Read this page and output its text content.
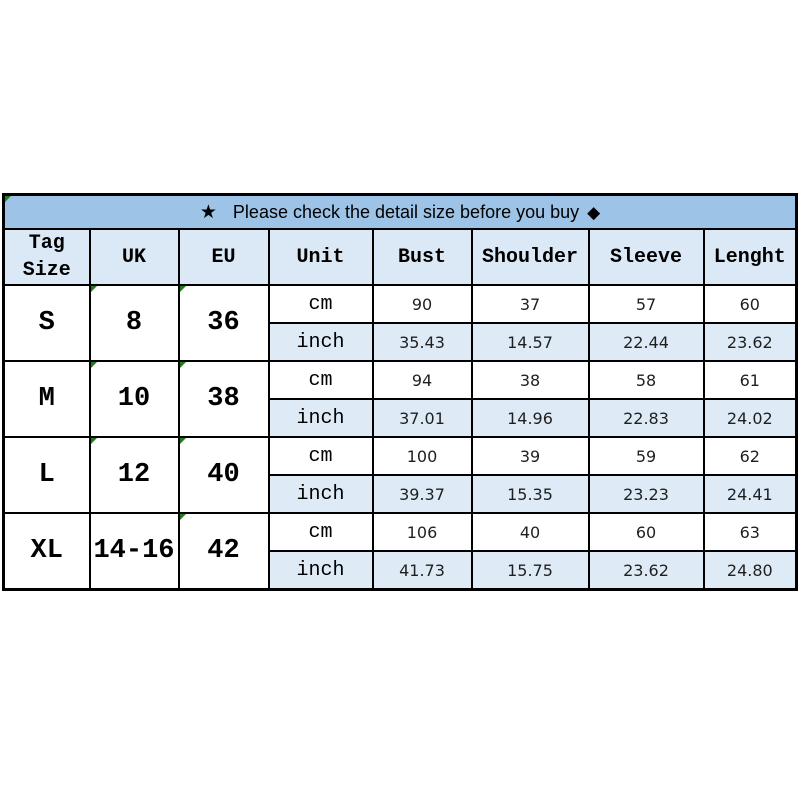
★ Please check the detail size before you buy ◆							
Tag Size	UK	EU	Unit	Bust	Shoulder	Sleeve	Lenght
S	8	36	cm	90	37	57	60
			inch	35.43	14.57	22.44	23.62
M	10	38	cm	94	38	58	61
			inch	37.01	14.96	22.83	24.02
L	12	40	cm	100	39	59	62
			inch	39.37	15.35	23.23	24.41
XL	14-16	42	cm	106	40	60	63
			inch	41.73	15.75	23.62	24.80
